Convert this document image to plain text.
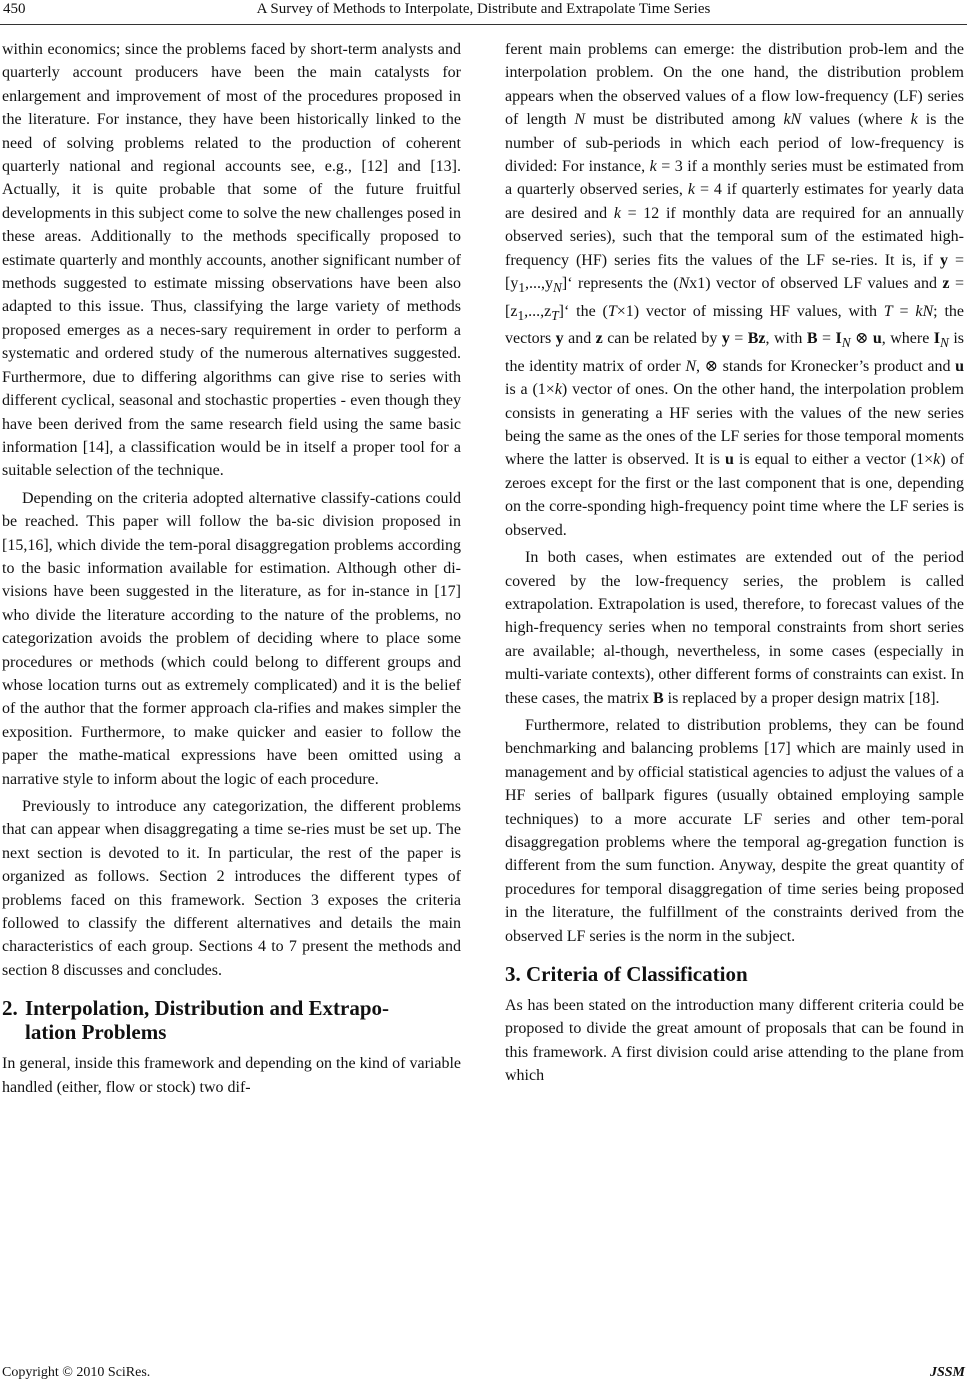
450	A Survey of Methods to Interpolate, Distribute and Extrapolate Time Series

within economics; since the problems faced by short-term analysts and quarterly account producers have been the main catalysts for enlargement and improvement of most of the procedures proposed in the literature. For instance, they have been historically linked to the need of solving problems related to the production of coherent quarterly national and regional accounts see, e.g., [12] and [13]. Actually, it is quite probable that some of the future fruitful developments in this subject come to solve the new challenges posed in these areas. Additionally to the methods specifically proposed to estimate quarterly and monthly accounts, another significant number of methods suggested to estimate missing observations have been also adapted to this issue. Thus, classifying the large variety of methods proposed emerges as a neces-sary requirement in order to perform a systematic and ordered study of the numerous alternatives suggested. Furthermore, due to differing algorithms can give rise to series with different cyclical, seasonal and stochastic properties - even though they have been derived from the same research field using the same basic information [14], a classification would be in itself a proper tool for a suitable selection of the technique.

Depending on the criteria adopted alternative classify-cations could be reached. This paper will follow the ba-sic division proposed in [15,16], which divide the tem-poral disaggregation problems according to the basic information available for estimation. Although other di-visions have been suggested in the literature, as for in-stance in [17] who divide the literature according to the nature of the problems, no categorization avoids the problem of deciding where to place some procedures or methods (which could belong to different groups and whose location turns out as extremely complicated) and it is the belief of the author that the former approach cla-rifies and makes simpler the exposition. Furthermore, to make quicker and easier to follow the paper the mathe-matical expressions have been omitted using a narrative style to inform about the logic of each procedure.

Previously to introduce any categorization, the different problems that can appear when disaggregating a time se-ries must be set up. The next section is devoted to it. In particular, the rest of the paper is organized as follows. Section 2 introduces the different types of problems faced on this framework. Section 3 exposes the criteria followed to classify the different alternatives and details the main characteristics of each group. Sections 4 to 7 present the methods and section 8 discusses and concludes.

2. Interpolation, Distribution and Extrapo-
lation Problems

In general, inside this framework and depending on the kind of variable handled (either, flow or stock) two dif-

ferent main problems can emerge: the distribution prob-lem and the interpolation problem. On the one hand, the distribution problem appears when the observed values of a flow low-frequency (LF) series of length N must be distributed among kN values (where k is the number of sub-periods in which each period of low-frequency is divided: For instance, k = 3 if a monthly series must be estimated from a quarterly observed series, k = 4 if quarterly estimates for yearly data are desired and k = 12 if monthly data are required for an annually observed series), such that the temporal sum of the estimated high-frequency (HF) series fits the values of the LF se-ries. It is, if $y = [y_1,...,y_N]‘$ represents the (Nx1) vector of observed LF values and $z = [z_1,...,z_T]‘$ the (T×1) vector of missing HF values, with T = kN; the vectors y and z can be related by y = Bz, with $B = I_N$ ⊗ u, where $I_N$ is the identity matrix of order N, ⊗ stands for Kronecker’s product and u is a (1×k) vector of ones. On the other hand, the interpolation problem consists in generating a HF series with the values of the new series being the same as the ones of the LF series for those temporal moments where the latter is observed. It is u is equal to either a vector (1×k) of zeroes except for the first or the last component that is one, depending on the corre-sponding high-frequency point time where the LF series is observed.

In both cases, when estimates are extended out of the period covered by the low-frequency series, the problem is called extrapolation. Extrapolation is used, therefore, to forecast values of the high-frequency series when no temporal constraints from short series are available; al-though, nevertheless, in some cases (especially in multi-variate contexts), other different forms of constraints can exist. In these cases, the matrix B is replaced by a proper design matrix [18].

Furthermore, related to distribution problems, they can be found benchmarking and balancing problems [17] which are mainly used in management and by official statistical agencies to adjust the values of a HF series of ballpark figures (usually obtained employing sample techniques) to a more accurate LF series and other tem-poral disaggregation problems where the temporal ag-gregation function is different from the sum function. Anyway, despite the great quantity of procedures for temporal disaggregation of time series being proposed in the literature, the fulfillment of the constraints derived from the observed LF series is the norm in the subject.

3. Criteria of Classification

As has been stated on the introduction many different criteria could be proposed to divide the great amount of proposals that can be found in this framework. A first division could arise attending to the plane from which

Copyright © 2010 SciRes.	JSSM
